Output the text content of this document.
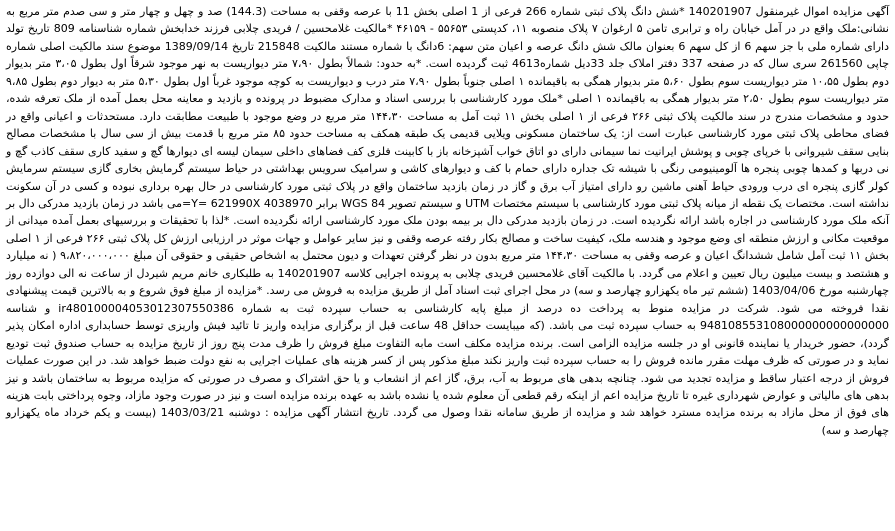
آگهی مزایده اموال غیرمنقول 140201907 *شش دانگ پلاک ثبتی شماره 266 فرعی از 1 اصلی بخش 11 با عرصه وقفی به مساحت (144.3) صد و چهل و چهار متر و سی صدم متر مربع به نشانی:ملک واقع در در آمل خیابان راه و ترابری تامن ۵ ارغوان ۷ پلاک منصوبه ۱۱، کدپستی ۵۵۶۵۳ - ۴۶۱۵۹ *مالکیت غلامحسین / فریدی چلابی فرزند خدابخش شماره شناسنامه 809 تاریخ تولد دارای شماره ملی با جز سهم 6 از کل سهم 6 بعنوان مالک شش دانگ عرصه و اعیان متن سهم: 6دانگ با شماره مستند مالکیت 215848 تاریخ 1389/09/14 موضوع سند مالکیت اصلی شماره چاپی 261560 سری سال که در صفحه 337 دفتر املاک جلد 33دیل شماره4613 ثبت گردیده است. *به حدود: شمالاً بطول ۷،۹۰ متر دیواریست به نهر موجود شرقاً اول بطول ۳،۰۵ متر بدیوار دوم بطول ۱۰،۵۵ متر دیواریست سوم بطول ۵،۶۰ متر بدیوار همگی به باقیمانده ۱ اصلی جنوباً بطول ۷،۹۰ متر درب و دیواریست به کوچه موجود غرباً اول بطول ۵،۳۰ متر به دیوار دوم بطول ۹،۸۵ متر دیواریست سوم بطول ۲،۵۰ متر بدیوار همگی به باقیمانده ۱ اصلی *ملک مورد کارشناسی با بررسی اسناد و مدارک مضبوط در پرونده و بازدید و معاینه محل بعمل آمده از ملک تعرفه شده، حدود و مشخصات مندرج در سند مالکیت پلاک ثبتی ۲۶۶ فرعی از ۱ اصلی بخش ۱۱ ثبت آمل به مساحت ۱۴۴،۳۰ متر مربع در وضع موجود با طبیعت مطابقت دارد. مستحدثات و اعیانی واقع در فضای محاطی پلاک ثبتی مورد کارشناسی عبارت است از: یک ساختمان مسکونی ویلایی قدیمی یک طبقه همکف به مساحت حدود ۸۵ متر مربع با قدمت بیش از سی سال با مشخصات مصالح بنایی سقف شیروانی با خرپای چوبی و پوشش ایرانیت نما سیمانی دارای دو اتاق خواب آشپزخانه باز با کابینت فلزی کف فضاهای داخلی سیمان لیسه ای دیوارها گچ و سفید کاری سقف کاذب گچ و نی دربها و کمدها چوبی پنجره ها آلومینیومی رنگی با شیشه تک جداره دارای حمام با کف و دیوارهای کاشی و سرامیک سرویس بهداشتی در حیاط سیستم گرمایش بخاری گازی سیستم سرمایش کولر گازی پنجره ای درب ورودی حیاط آهنی ماشین رو دارای امتیاز آب برق و گاز در زمان بازدید ساختمان واقع در پلاک ثبتی مورد کارشناسی در حال بهره برداری نبوده و کسی در آن سکونت نداشته است. مختصات یک نقطه از میانه پلاک ثبتی مورد کارشناسی با سیستم مختصات UTM و سیستم تصویر WGS 84 برابر 4038970 Y= 621990X=می باشد در زمان بازدید مدرکی دال بر آنکه ملک مورد کارشناسی در اجاره باشد ارائه نگردیده است. در زمان بازدید مدرکی دال بر بیمه بودن ملک مورد کارشناسی ارائه نگردیده است. *لذا با تحقیقات و بررسیهای بعمل آمده میدانی از موقعیت مکانی و ارزش منطقه ای وضع موجود و هندسه ملک، کیفیت ساخت و مصالح بکار رفته عرصه وقفی و نیز سایر عوامل و جهات موثر در ارزیابی ارزش کل پلاک ثبتی ۲۶۶ فرعی از ۱ اصلی بخش ۱۱ ثبت آمل شامل ششدانگ اعیان و عرصه وقفی به مساحت ۱۴۴،۳۰ متر مربع بدون در نظر گرفتن تعهدات و دیون محتمل به اشخاص حقیقی و حقوقی آن مبلغ ۹،۸۲۰،۰۰۰،۰۰۰ ( نه میلیارد و هشتصد و بیست میلیون ریال تعیین و اعلام می گردد. با مالکیت آقای غلامحسین فریدی چلابی به پرونده اجرایی کلاسه 140201907 به طلبکاری خانم مریم شیردل از ساعت نه الی دوازده روز چهارشنبه مورخ 1403/04/06 (ششم تیر ماه یکهزارو چهارصد و سه) در محل اجرای ثبت اسناد آمل از طریق مزایده به فروش می رسد. *مزایده از مبلغ فوق شروع و به بالاترین قیمت پیشنهادی نقدا فروخته می شود. شرکت در مزایده منوط به پرداخت ده درصد از مبلغ پایه کارشناسی به حساب سپرده ثبت به شماره ir480100004053012307550386 و شناسه 948108553108000000000000000 به حساب سپرده ثبت می باشد. (که میبایست حداقل 48 ساعت قبل از برگزاری مزایده واریز تا تائید فیش واریزی توسط حسابداری اداره امکان پذیر گردد)، حضور خریدار یا نماینده قانونی او در جلسه مزایده الزامی است. برنده مزایده مکلف است مابه التفاوت مبلغ فروش را ظرف مدت پنج روز از تاریخ مزایده به حساب صندوق ثبت تودیع نماید و در صورتی که ظرف مهلت مقرر مانده فروش را به حساب سپرده ثبت واریز نکند مبلغ مذکور پس از کسر هزینه های عملیات اجرایی به نفع دولت ضبط خواهد شد. در این صورت عملیات فروش از درجه اعتبار ساقط و مزایده تجدید می شود. چنانچه بدهی های مربوط به آب، برق، گاز اعم از انشعاب و یا حق اشتراک و مصرف در صورتی که مزایده مربوط به ساختمان باشد و نیز بدهی های مالیاتی و عوارض شهرداری غیره تا تاریخ مزایده اعم از اینکه رقم قطعی آن معلوم شده یا نشده باشد به عهده برنده مزایده است و نیز در صورت وجود مازاد، وجوه پرداختی بابت هزینه های فوق از محل مازاد به برنده مزایده مسترد خواهد شد و مزایده از طریق سامانه نقدا وصول می گردد. تاریخ انتشار آگهی مزایده : دوشنبه 1403/03/21 (بیست و یکم خرداد ماه یکهزارو چهارصد و سه)
